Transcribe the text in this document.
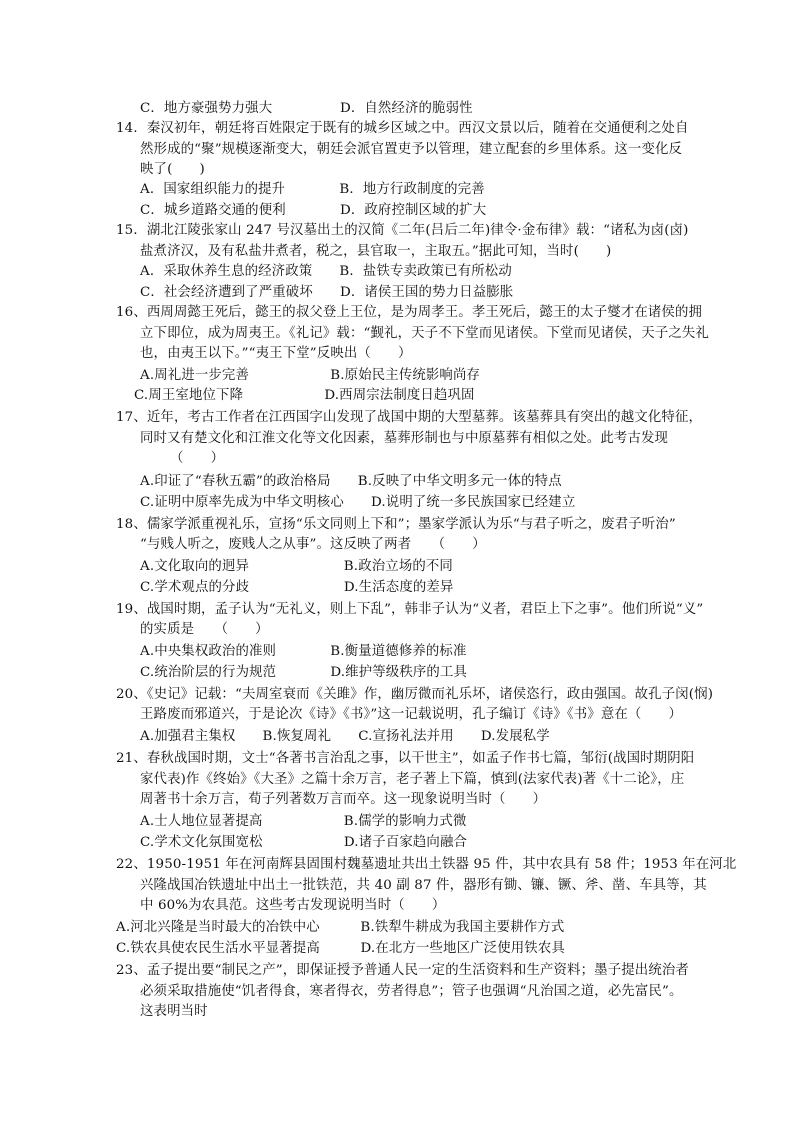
C．地方豪强势力强大　　　　　D．自然经济的脆弱性
14．秦汉初年，朝廷将百姓限定于既有的城乡区域之中。西汉文景以后，随着在交通便利之处自
然形成的“聚”规模逐渐变大，朝廷会派官置吏予以管理，建立配套的乡里体系。这一变化反
映了(　　)
A．国家组织能力的提升　　　　B．地方行政制度的完善
C．城乡道路交通的便利　　　　D．政府控制区域的扩大
15．湖北江陵张家山 247 号汉墓出土的汉简《二年(吕后二年)律令·金布律》载：“诸私为卤(卤)
盐煮济汉，及有私盐井煮者，税之，县官取一，主取五。”据此可知，当时(　　)
A．采取休养生息的经济政策　　B．盐铁专卖政策已有所松动
C．社会经济遭到了严重破坏　　D．诸侯王国的势力日益膨胀
16、西周周懿王死后，懿王的叔父登上王位，是为周孝王。孝王死后，懿王的太子燮才在诸侯的拥
立下即位，成为周夷王。《礼记》载：“觐礼，天子不下堂而见诸侯。下堂而见诸侯，天子之失礼
也，由夷王以下。”“夷王下堂”反映出（　　）
A.周礼进一步完善　　　　　　B.原始民主传统影响尚存
C.周王室地位下降　　　　　　D.西周宗法制度日趋巩固
17、近年，考古工作者在江西国字山发现了战国中期的大型墓葬。该墓葬具有突出的越文化特征，
同时又有楚文化和江淮文化等文化因素，墓葬形制也与中原墓葬有相似之处。此考古发现
（　　）
A.印证了“春秋五霸”的政治格局　　B.反映了中华文明多元一体的特点
C.证明中原率先成为中华文明核心　　D.说明了统一多民族国家已经建立
18、儒家学派重视礼乐，宣扬“乐文同则上下和”；墨家学派认为乐“与君子听之，废君子听治”
“与贱人听之，废贱人之从事”。这反映了两者　　（　　）
A.文化取向的迥异　　　　　　　B.政治立场的不同
C.学术观点的分歧　　　　　　　D.生活态度的差异
19、战国时期，孟子认为“无礼义，则上下乱”，韩非子认为“义者，君臣上下之事”。他们所说“义”
的实质是　　（　　）
A.中央集权政治的准则　　　　B.衡量道德修养的标准
C.统治阶层的行为规范　　　　D.维护等级秩序的工具
20、《史记》记载：“夫周室衰而《关雎》作，幽厉微而礼乐坏，诸侯恣行，政由强国。故孔子闵(悯)
王路废而邪道兴，于是论次《诗》《书》”这一记载说明，孔子编订《诗》《书》意在（　　）
A.加强君主集权　　B.恢复周礼　　C.宣扬礼法并用　　D.发展私学
21、春秋战国时期，文士“各著书言治乱之事，以干世主”，如孟子作书七篇，邹衍(战国时期阴阳
家代表)作《终始》《大圣》之篇十余万言，老子著上下篇，慎到(法家代表)著《十二论》，庄
周著书十余万言，荀子列著数万言而卒。这一现象说明当时（　　）
A.士人地位显著提高　　　　　　B.儒学的影响力式微
C.学术文化氛围宽松　　　　　　D.诸子百家趋向融合
22、1950-1951 年在河南辉县固围村魏墓遗址共出土铁器 95 件，其中农具有 58 件；1953 年在河北
兴隆战国冶铁遗址中出土一批铁范，共 40 副 87 件，器形有锄、镰、镢、斧、凿、车具等，其
中 60%为农具范。这些考古发现说明当时（　　）
A.河北兴隆是当时最大的冶铁中心　　　B.铁犁牛耕成为我国主要耕作方式
C.铁农具使农民生活水平显著提高　　　D.在北方一些地区广泛使用铁农具
23、孟子提出要“制民之产”，即保证授予普通人民一定的生活资料和生产资料；墨子提出统治者
必须采取措施使“饥者得食，寒者得衣，劳者得息”；管子也强调“凡治国之道，必先富民”。
这表明当时
